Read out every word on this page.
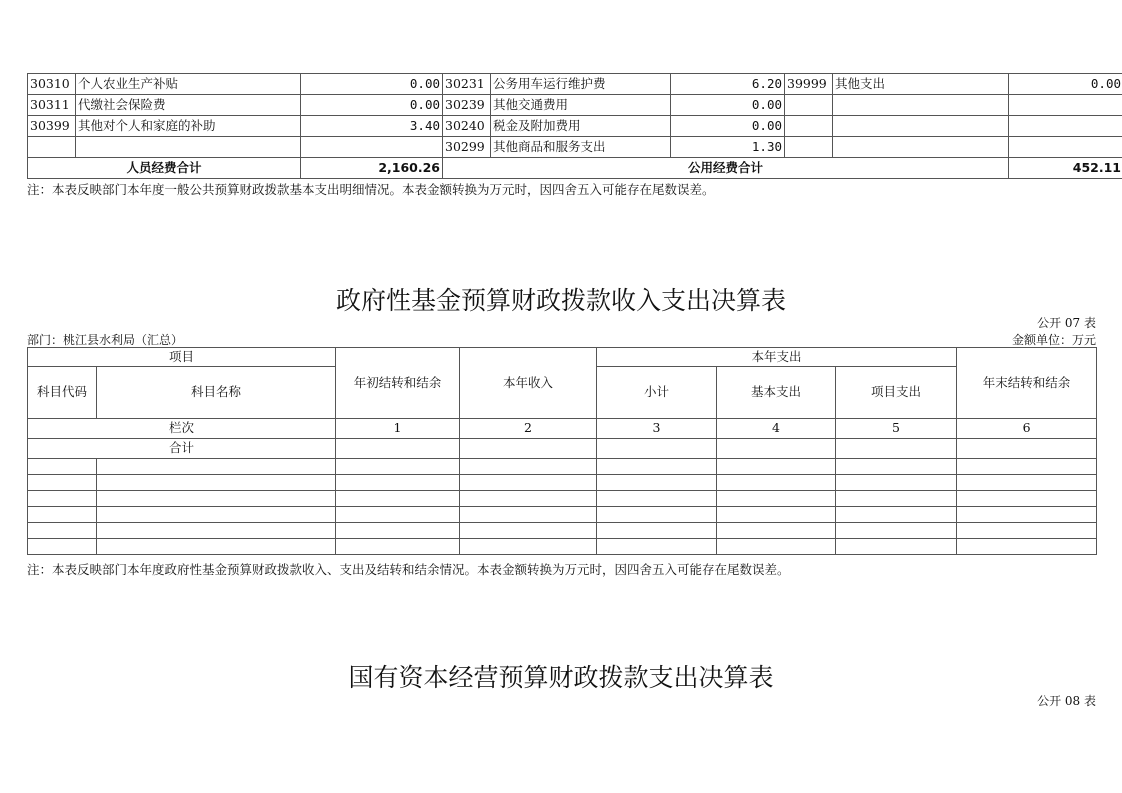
30310	个人农业生产补贴	0.00	30231	公务用车运行维护费	6.20	39999	其他支出	0.00
30311	代缴社会保险费	0.00	30239	其他交通费用	0.00			
30399	其他对个人和家庭的补助	3.40	30240	税金及附加费用	0.00			
			30299	其他商品和服务支出	1.30			
人员经费合计		2,160.26	公用经费合计					452.11
注：本表反映部门本年度一般公共预算财政拨款基本支出明细情况。本表金额转换为万元时，因四舍五入可能存在尾数误差。
政府性基金预算财政拨款收入支出决算表
公开 07 表
部门：桃江县水利局（汇总）	金额单位：万元
项目		年初结转和结余	本年收入	本年支出			年末结转和结余
科目代码	科目名称			小计	基本支出	项目支出	
栏次		1	2	3	4	5	6
合计							

注：本表反映部门本年度政府性基金预算财政拨款收入、支出及结转和结余情况。本表金额转换为万元时，因四舍五入可能存在尾数误差。
国有资本经营预算财政拨款支出决算表
公开 08 表
